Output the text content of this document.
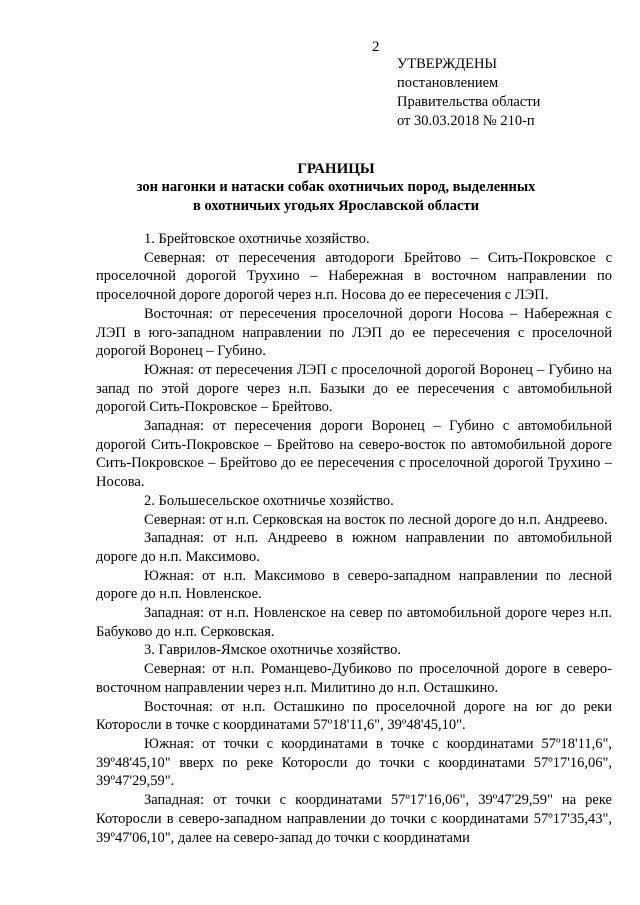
2
УТВЕРЖДЕНЫ
постановлением
Правительства области
от 30.03.2018 № 210-п
ГРАНИЦЫ
зон нагонки и натаски собак охотничьих пород, выделенных
в охотничьих угодьях Ярославской области

1. Брейтовское охотничье хозяйство.

Северная: от пересечения автодороги Брейтово – Сить-Покровское с проселочной дорогой Трухино – Набережная в восточном направлении по проселочной дороге дорогой через н.п. Носова до ее пересечения с ЛЭП.

Восточная: от пересечения проселочной дороги Носова – Набережная с ЛЭП в юго-западном направлении по ЛЭП до ее пересечения с проселочной дорогой Воронец – Губино.

Южная: от пересечения ЛЭП с проселочной дорогой Воронец – Губино на запад по этой дороге через н.п. Базыки до ее пересечения с автомобильной дорогой Сить-Покровское – Брейтово.

Западная: от пересечения дороги Воронец – Губино с автомобильной дорогой Сить-Покровское – Брейтово на северо-восток по автомобильной дороге Сить-Покровское – Брейтово до ее пересечения с проселочной дорогой Трухино – Носова.

2. Большесельское охотничье хозяйство.

Северная: от н.п. Серковская на восток по лесной дороге до н.п. Андреево.

Западная: от н.п. Андреево в южном направлении по автомобильной дороге до н.п. Максимово.

Южная: от н.п. Максимово в северо-западном направлении по лесной дороге до н.п. Новленское.

Западная: от н.п. Новленское на север по автомобильной дороге через н.п. Бабуково до н.п. Серковская.

3. Гаврилов-Ямское охотничье хозяйство.

Северная: от н.п. Романцево-Дубиково по проселочной дороге в северо-восточном направлении через н.п. Милитино до н.п. Осташкино.

Восточная: от н.п. Осташкино по проселочной дороге на юг до реки Которосли в точке с координатами 57º18'11,6", 39º48'45,10".

Южная: от точки с координатами в точке с координатами 57º18'11,6", 39º48'45,10" вверх по реке Которосли до точки с координатами 57º17'16,06", 39º47'29,59".

Западная: от точки с координатами 57º17'16,06", 39º47'29,59" на реке Которосли в северо-западном направлении до точки с координатами 57º17'35,43", 39º47'06,10", далее на северо-запад до точки с координатами
